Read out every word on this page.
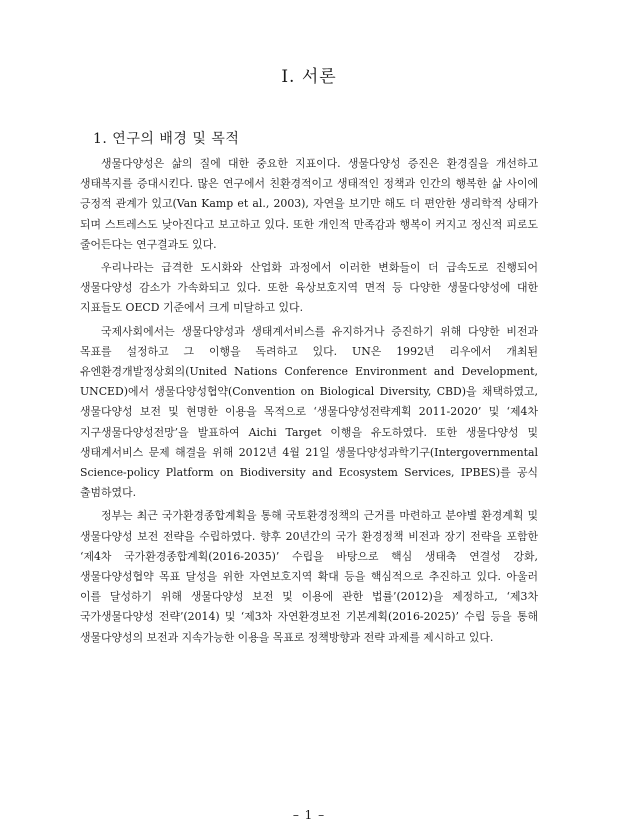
Ⅰ. 서론
1. 연구의 배경 및 목적

생물다양성은 삶의 질에 대한 중요한 지표이다. 생물다양성 증진은 환경질을 개선하고 생태복지를 증대시킨다. 많은 연구에서 친환경적이고 생태적인 정책과 인간의 행복한 삶 사이에 긍정적 관계가 있고(Van Kamp et al., 2003), 자연을 보기만 해도 더 편안한 생리학적 상태가 되며 스트레스도 낮아진다고 보고하고 있다. 또한 개인적 만족감과 행복이 커지고 정신적 피로도 줄어든다는 연구결과도 있다.

우리나라는 급격한 도시화와 산업화 과정에서 이러한 변화들이 더 급속도로 진행되어 생물다양성 감소가 가속화되고 있다. 또한 육상보호지역 면적 등 다양한 생물다양성에 대한 지표들도 OECD 기준에서 크게 미달하고 있다.

국제사회에서는 생물다양성과 생태계서비스를 유지하거나 증진하기 위해 다양한 비전과 목표를 설정하고 그 이행을 독려하고 있다. UN은 1992년 리우에서 개최된 유엔환경개발정상회의(United Nations Conference Environment and Development, UNCED)에서 생물다양성협약(Convention on Biological Diversity, CBD)을 채택하였고, 생물다양성 보전 및 현명한 이용을 목적으로 ‘생물다양성전략계획 2011-2020’ 및 ‘제4차 지구생물다양성전망’을 발표하여 Aichi Target 이행을 유도하였다. 또한 생물다양성 및 생태계서비스 문제 해결을 위해 2012년 4월 21일 생물다양성과학기구(Intergovernmental Science-policy Platform on Biodiversity and Ecosystem Services, IPBES)를 공식 출범하였다.

정부는 최근 국가환경종합계획을 통해 국토환경정책의 근거를 마련하고 분야별 환경계획 및 생물다양성 보전 전략을 수립하였다. 향후 20년간의 국가 환경정책 비전과 장기 전략을 포함한 ‘제4차 국가환경종합계획(2016-2035)’ 수립을 바탕으로 핵심 생태축 연결성 강화, 생물다양성협약 목표 달성을 위한 자연보호지역 확대 등을 핵심적으로 추진하고 있다. 아울러 이를 달성하기 위해 생물다양성 보전 및 이용에 관한 법률’(2012)을 제정하고, ‘제3차 국가생물다양성 전략’(2014) 및 ‘제3차 자연환경보전 기본계획(2016-2025)’ 수립 등을 통해 생물다양성의 보전과 지속가능한 이용을 목표로 정책방향과 전략 과제를 제시하고 있다.

– 1 –
